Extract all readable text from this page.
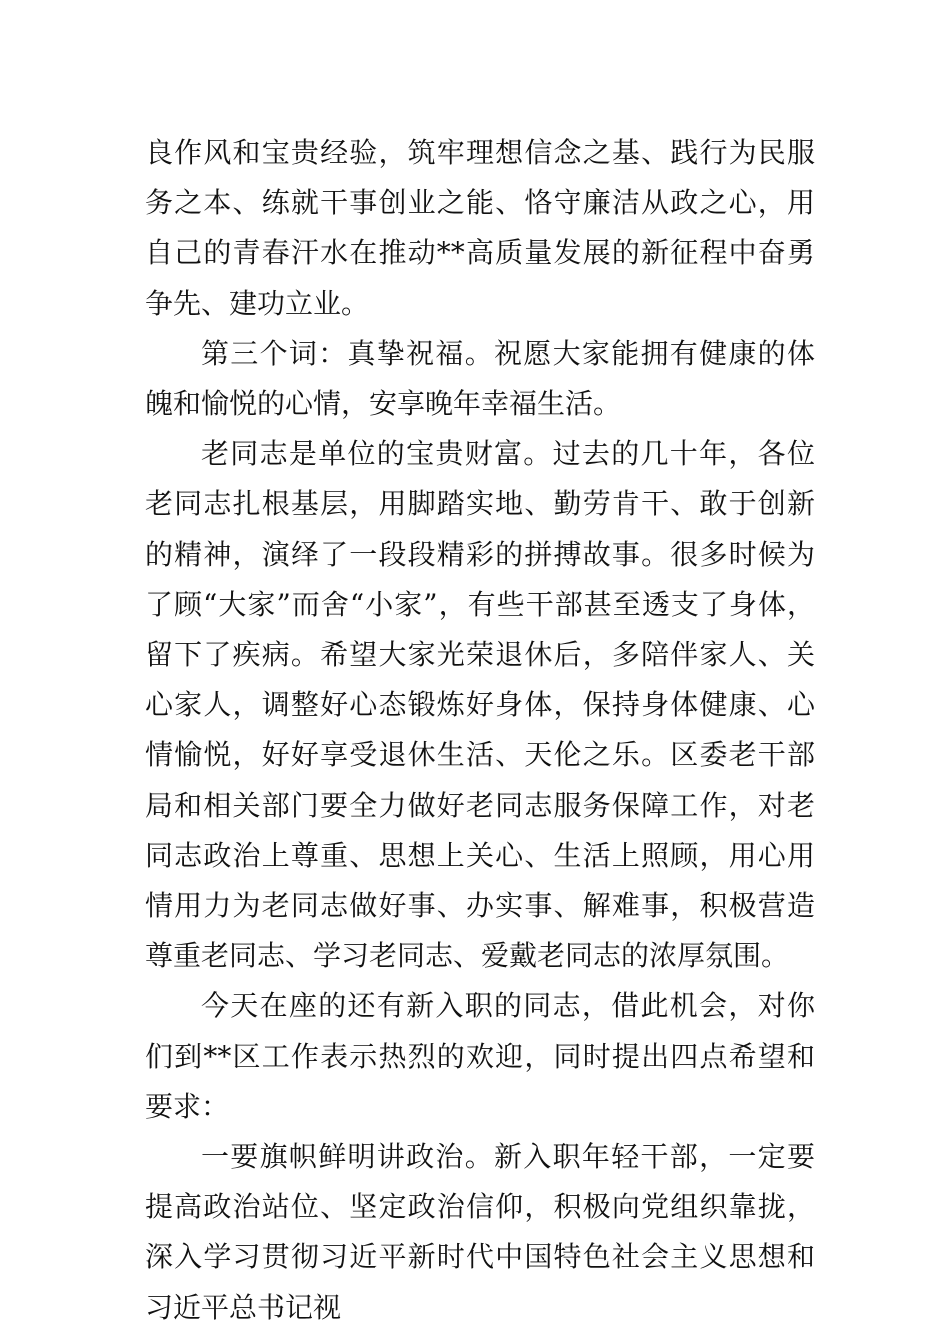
良作风和宝贵经验，筑牢理想信念之基、践行为民服务之本、练就干事创业之能、恪守廉洁从政之心，用自己的青春汗水在推动**高质量发展的新征程中奋勇争先、建功立业。

第三个词：真挚祝福。祝愿大家能拥有健康的体魄和愉悦的心情，安享晚年幸福生活。

老同志是单位的宝贵财富。过去的几十年，各位老同志扎根基层，用脚踏实地、勤劳肯干、敢于创新的精神，演绎了一段段精彩的拼搏故事。很多时候为了顾“大家”而舍“小家”，有些干部甚至透支了身体，留下了疾病。希望大家光荣退休后，多陪伴家人、关心家人，调整好心态锻炼好身体，保持身体健康、心情愉悦，好好享受退休生活、天伦之乐。区委老干部局和相关部门要全力做好老同志服务保障工作，对老同志政治上尊重、思想上关心、生活上照顾，用心用情用力为老同志做好事、办实事、解难事，积极营造尊重老同志、学习老同志、爱戴老同志的浓厚氛围。

今天在座的还有新入职的同志，借此机会，对你们到**区工作表示热烈的欢迎，同时提出四点希望和要求：

一要旗帜鲜明讲政治。新入职年轻干部，一定要提高政治站位、坚定政治信仰，积极向党组织靠拢，深入学习贯彻习近平新时代中国特色社会主义思想和习近平总书记视
